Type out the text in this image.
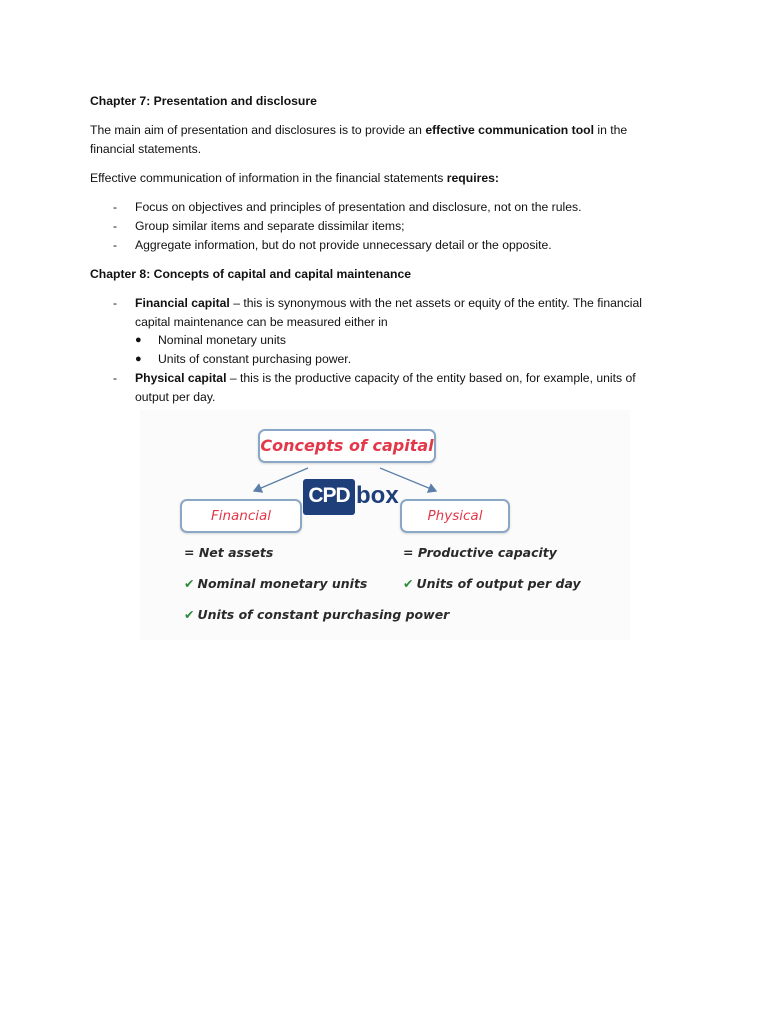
Chapter 7: Presentation and disclosure
The main aim of presentation and disclosures is to provide an effective communication tool in the
financial statements.
Effective communication of information in the financial statements requires:
- Focus on objectives and principles of presentation and disclosure, not on the rules.
- Group similar items and separate dissimilar items;
- Aggregate information, but do not provide unnecessary detail or the opposite.
Chapter 8: Concepts of capital and capital maintenance
- Financial capital – this is synonymous with the net assets or equity of the entity. The financial
capital maintenance can be measured either in
● Nominal monetary units
● Units of constant purchasing power.
- Physical capital – this is the productive capacity of the entity based on, for example, units of
output per day.
Concepts of capital
CPD box
Financial	Physical
= Net assets	= Productive capacity
✔ Nominal monetary units	✔ Units of output per day
✔ Units of constant purchasing power
